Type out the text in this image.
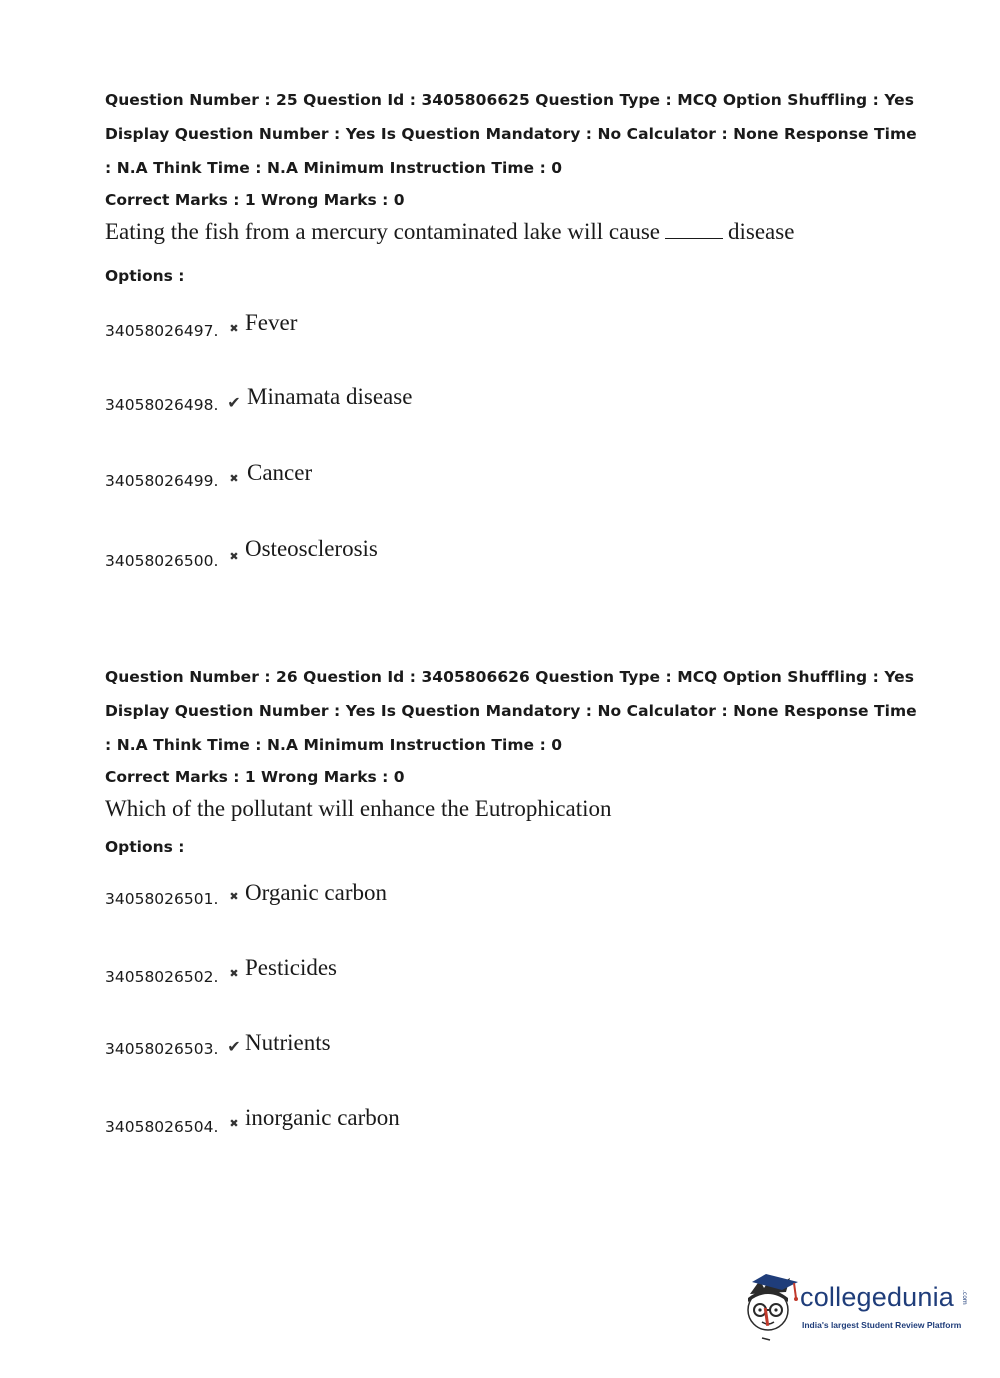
Question Number : 25 Question Id : 3405806625 Question Type : MCQ Option Shuffling : Yes
Display Question Number : Yes Is Question Mandatory : No Calculator : None Response Time
: N.A Think Time : N.A Minimum Instruction Time : 0
Correct Marks : 1 Wrong Marks : 0
Eating the fish from a mercury contaminated lake will cause	disease
Options :
34058026497. ✖ Fever
34058026498. ✔ Minamata disease
34058026499. ✖ Cancer
34058026500. ✖ Osteosclerosis
Question Number : 26 Question Id : 3405806626 Question Type : MCQ Option Shuffling : Yes
Display Question Number : Yes Is Question Mandatory : No Calculator : None Response Time
: N.A Think Time : N.A Minimum Instruction Time : 0
Correct Marks : 1 Wrong Marks : 0
Which of the pollutant will enhance the Eutrophication
Options :
34058026501. ✖ Organic carbon
34058026502. ✖ Pesticides
34058026503. ✔ Nutrients
34058026504. ✖ inorganic carbon
collegedunia .com
India's largest Student Review Platform
